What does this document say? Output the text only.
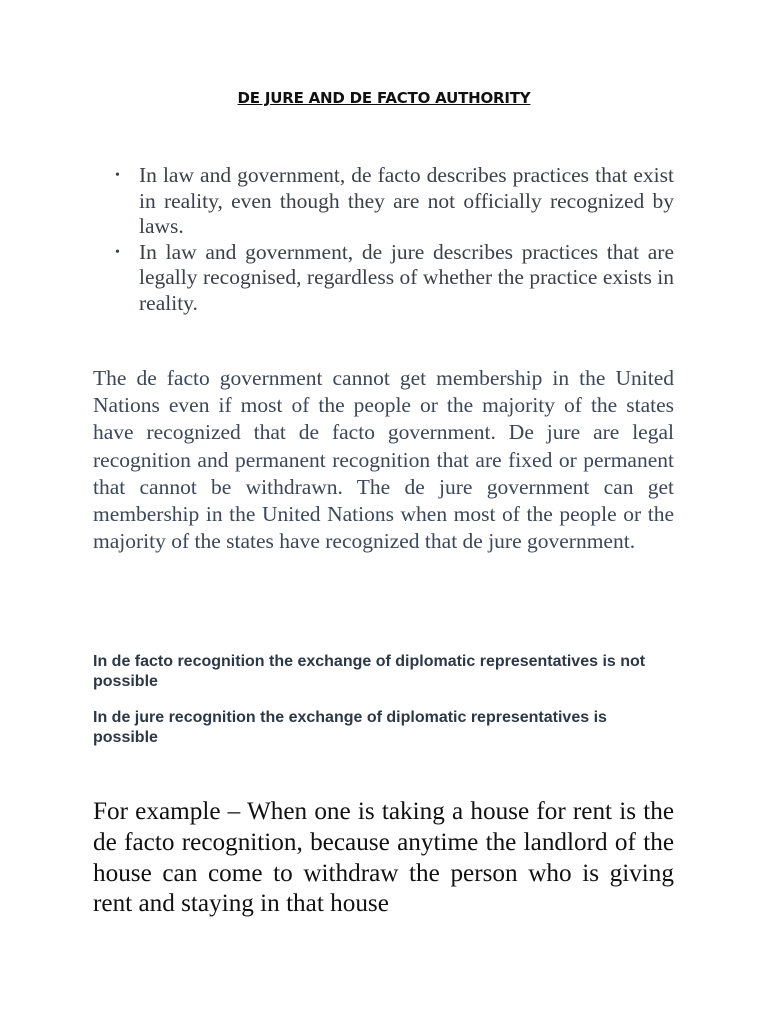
DE JURE AND DE FACTO AUTHORITY
• In law and government, de facto describes practices that exist in reality, even though they are not officially recognized by laws.
• In law and government, de jure describes practices that are legally recognised, regardless of whether the practice exists in reality.

The de facto government cannot get membership in the United Nations even if most of the people or the majority of the states have recognized that de facto government. De jure are legal recognition and permanent recognition that are fixed or permanent that cannot be withdrawn. The de jure government can get membership in the United Nations when most of the people or the majority of the states have recognized that de jure government.

In de facto recognition the exchange of diplomatic representatives is not possible

In de jure recognition the exchange of diplomatic representatives is possible

For example – When one is taking a house for rent is the de facto recognition, because anytime the landlord of the house can come to withdraw the person who is giving rent and staying in that house
